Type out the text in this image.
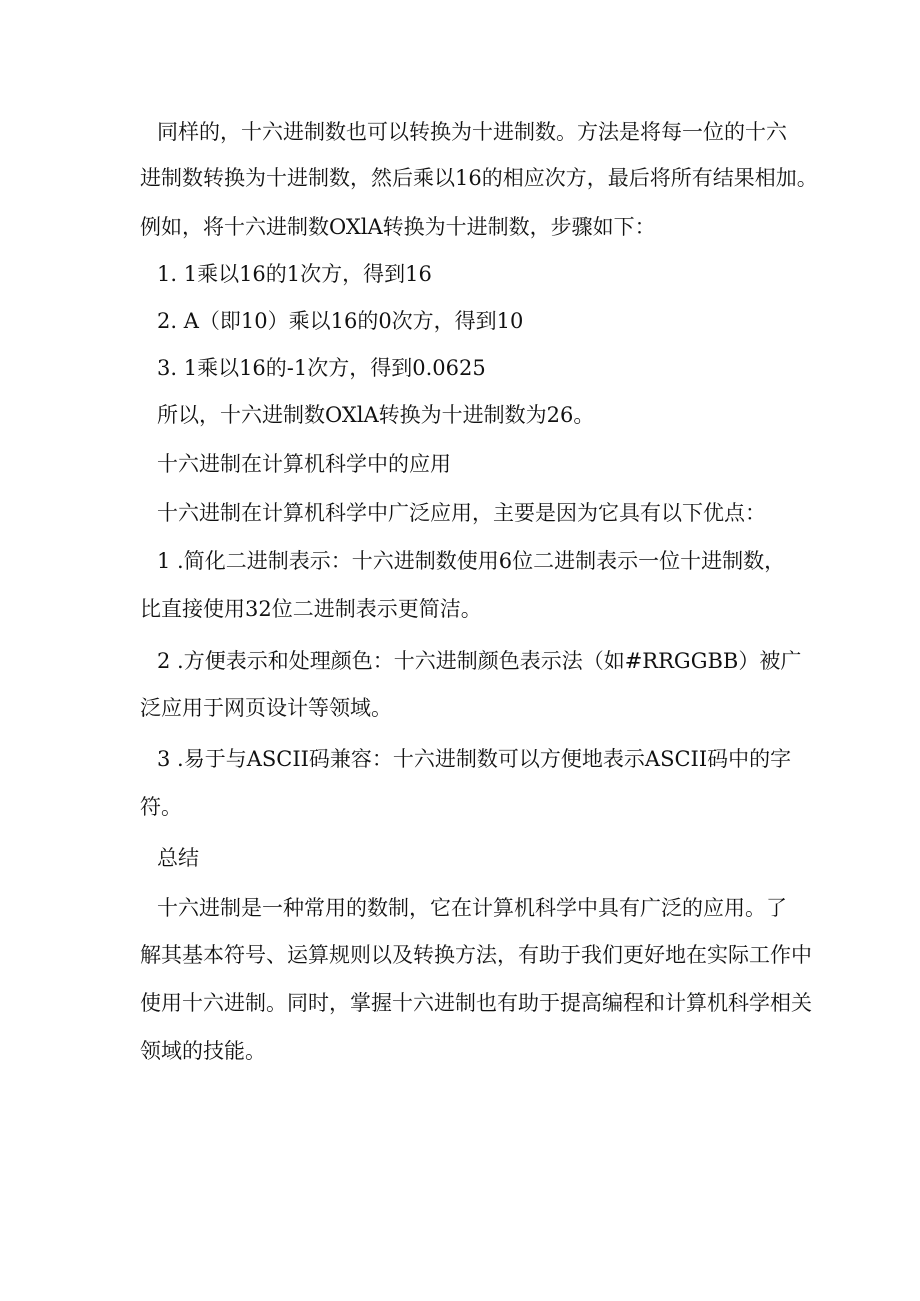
同样的，十六进制数也可以转换为十进制数。方法是将每一位的十六
进制数转换为十进制数，然后乘以16的相应次方，最后将所有结果相加。
例如，将十六进制数OXlA转换为十进制数，步骤如下：
1. 1乘以16的1次方，得到16
2. A（即10）乘以16的0次方，得到10
3. 1乘以16的-1次方，得到0.0625
所以，十六进制数OXlA转换为十进制数为26。
十六进制在计算机科学中的应用
十六进制在计算机科学中广泛应用，主要是因为它具有以下优点：
1 .简化二进制表示：十六进制数使用6位二进制表示一位十进制数，
比直接使用32位二进制表示更简洁。
2 .方便表示和处理颜色：十六进制颜色表示法（如#RRGGBB）被广
泛应用于网页设计等领域。
3 .易于与ASCII码兼容：十六进制数可以方便地表示ASCII码中的字
符。
总结
十六进制是一种常用的数制，它在计算机科学中具有广泛的应用。了
解其基本符号、运算规则以及转换方法，有助于我们更好地在实际工作中
使用十六进制。同时，掌握十六进制也有助于提高编程和计算机科学相关
领域的技能。
